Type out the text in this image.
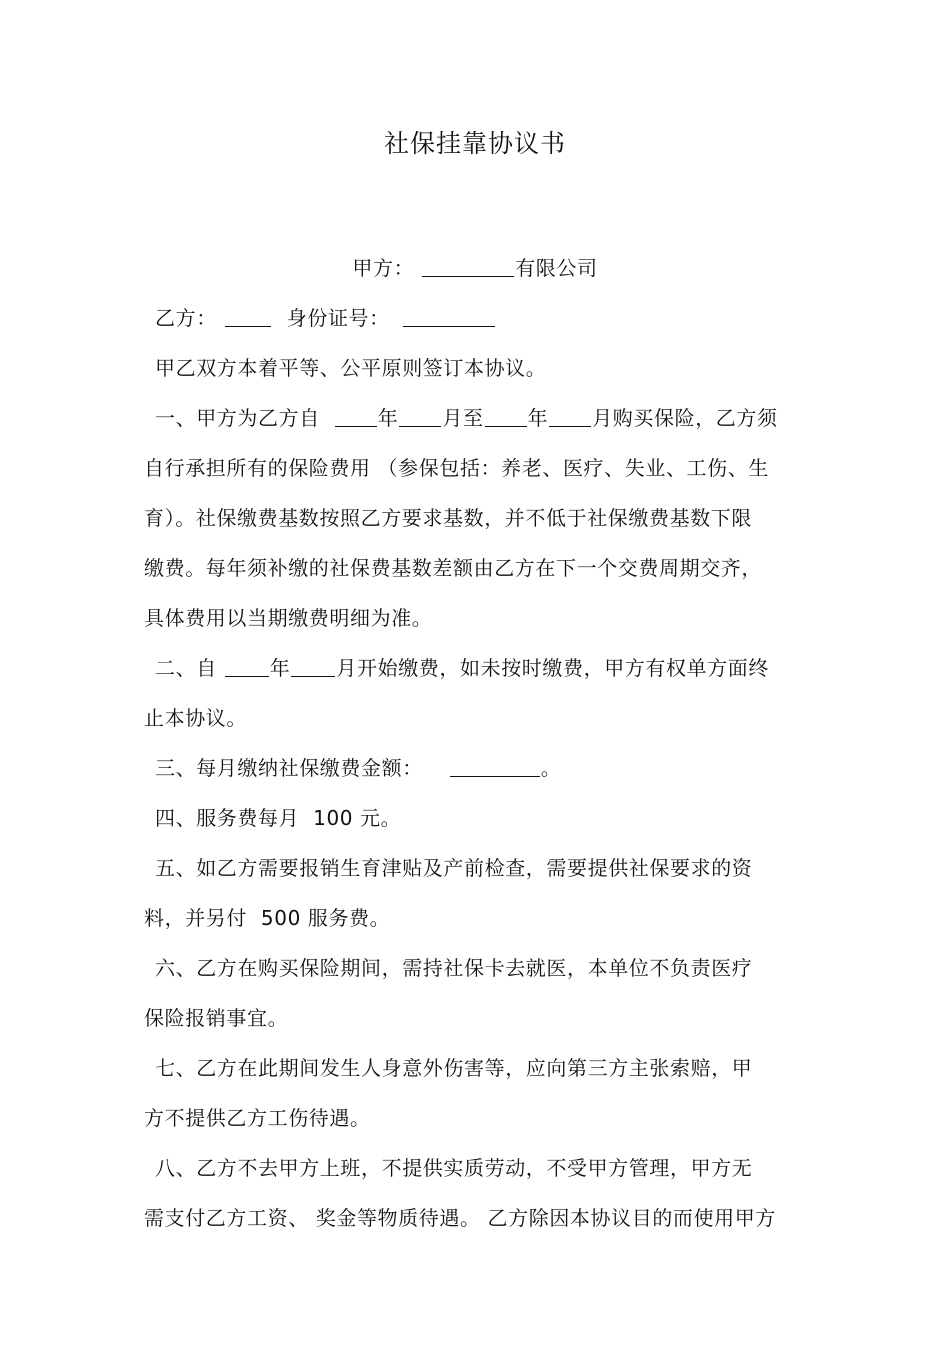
社保挂靠协议书
甲方：	有限公司
乙方：	身份证号：
甲乙双方本着平等、公平原则签订本协议。
一、甲方为乙方自	年 月至 年 月购买保险，乙方须
自行承担所有的保险费用 （参保包括：养老、医疗、失业、工伤、生
育）。社保缴费基数按照乙方要求基数，并不低于社保缴费基数下限
缴费。每年须补缴的社保费基数差额由乙方在下一个交费周期交齐，
具体费用以当期缴费明细为准。
二、自	年 月开始缴费，如未按时缴费，甲方有权单方面终
止本协议。
三、每月缴纳社保缴费金额：	。
四、服务费每月  100 元。
五、如乙方需要报销生育津贴及产前检查，需要提供社保要求的资
料，并另付  500 服务费。
六、乙方在购买保险期间，需持社保卡去就医，本单位不负责医疗
保险报销事宜。
七、乙方在此期间发生人身意外伤害等，应向第三方主张索赔，甲
方不提供乙方工伤待遇。
八、乙方不去甲方上班，不提供实质劳动，不受甲方管理，甲方无
需支付乙方工资、 奖金等物质待遇。 乙方除因本协议目的而使用甲方
